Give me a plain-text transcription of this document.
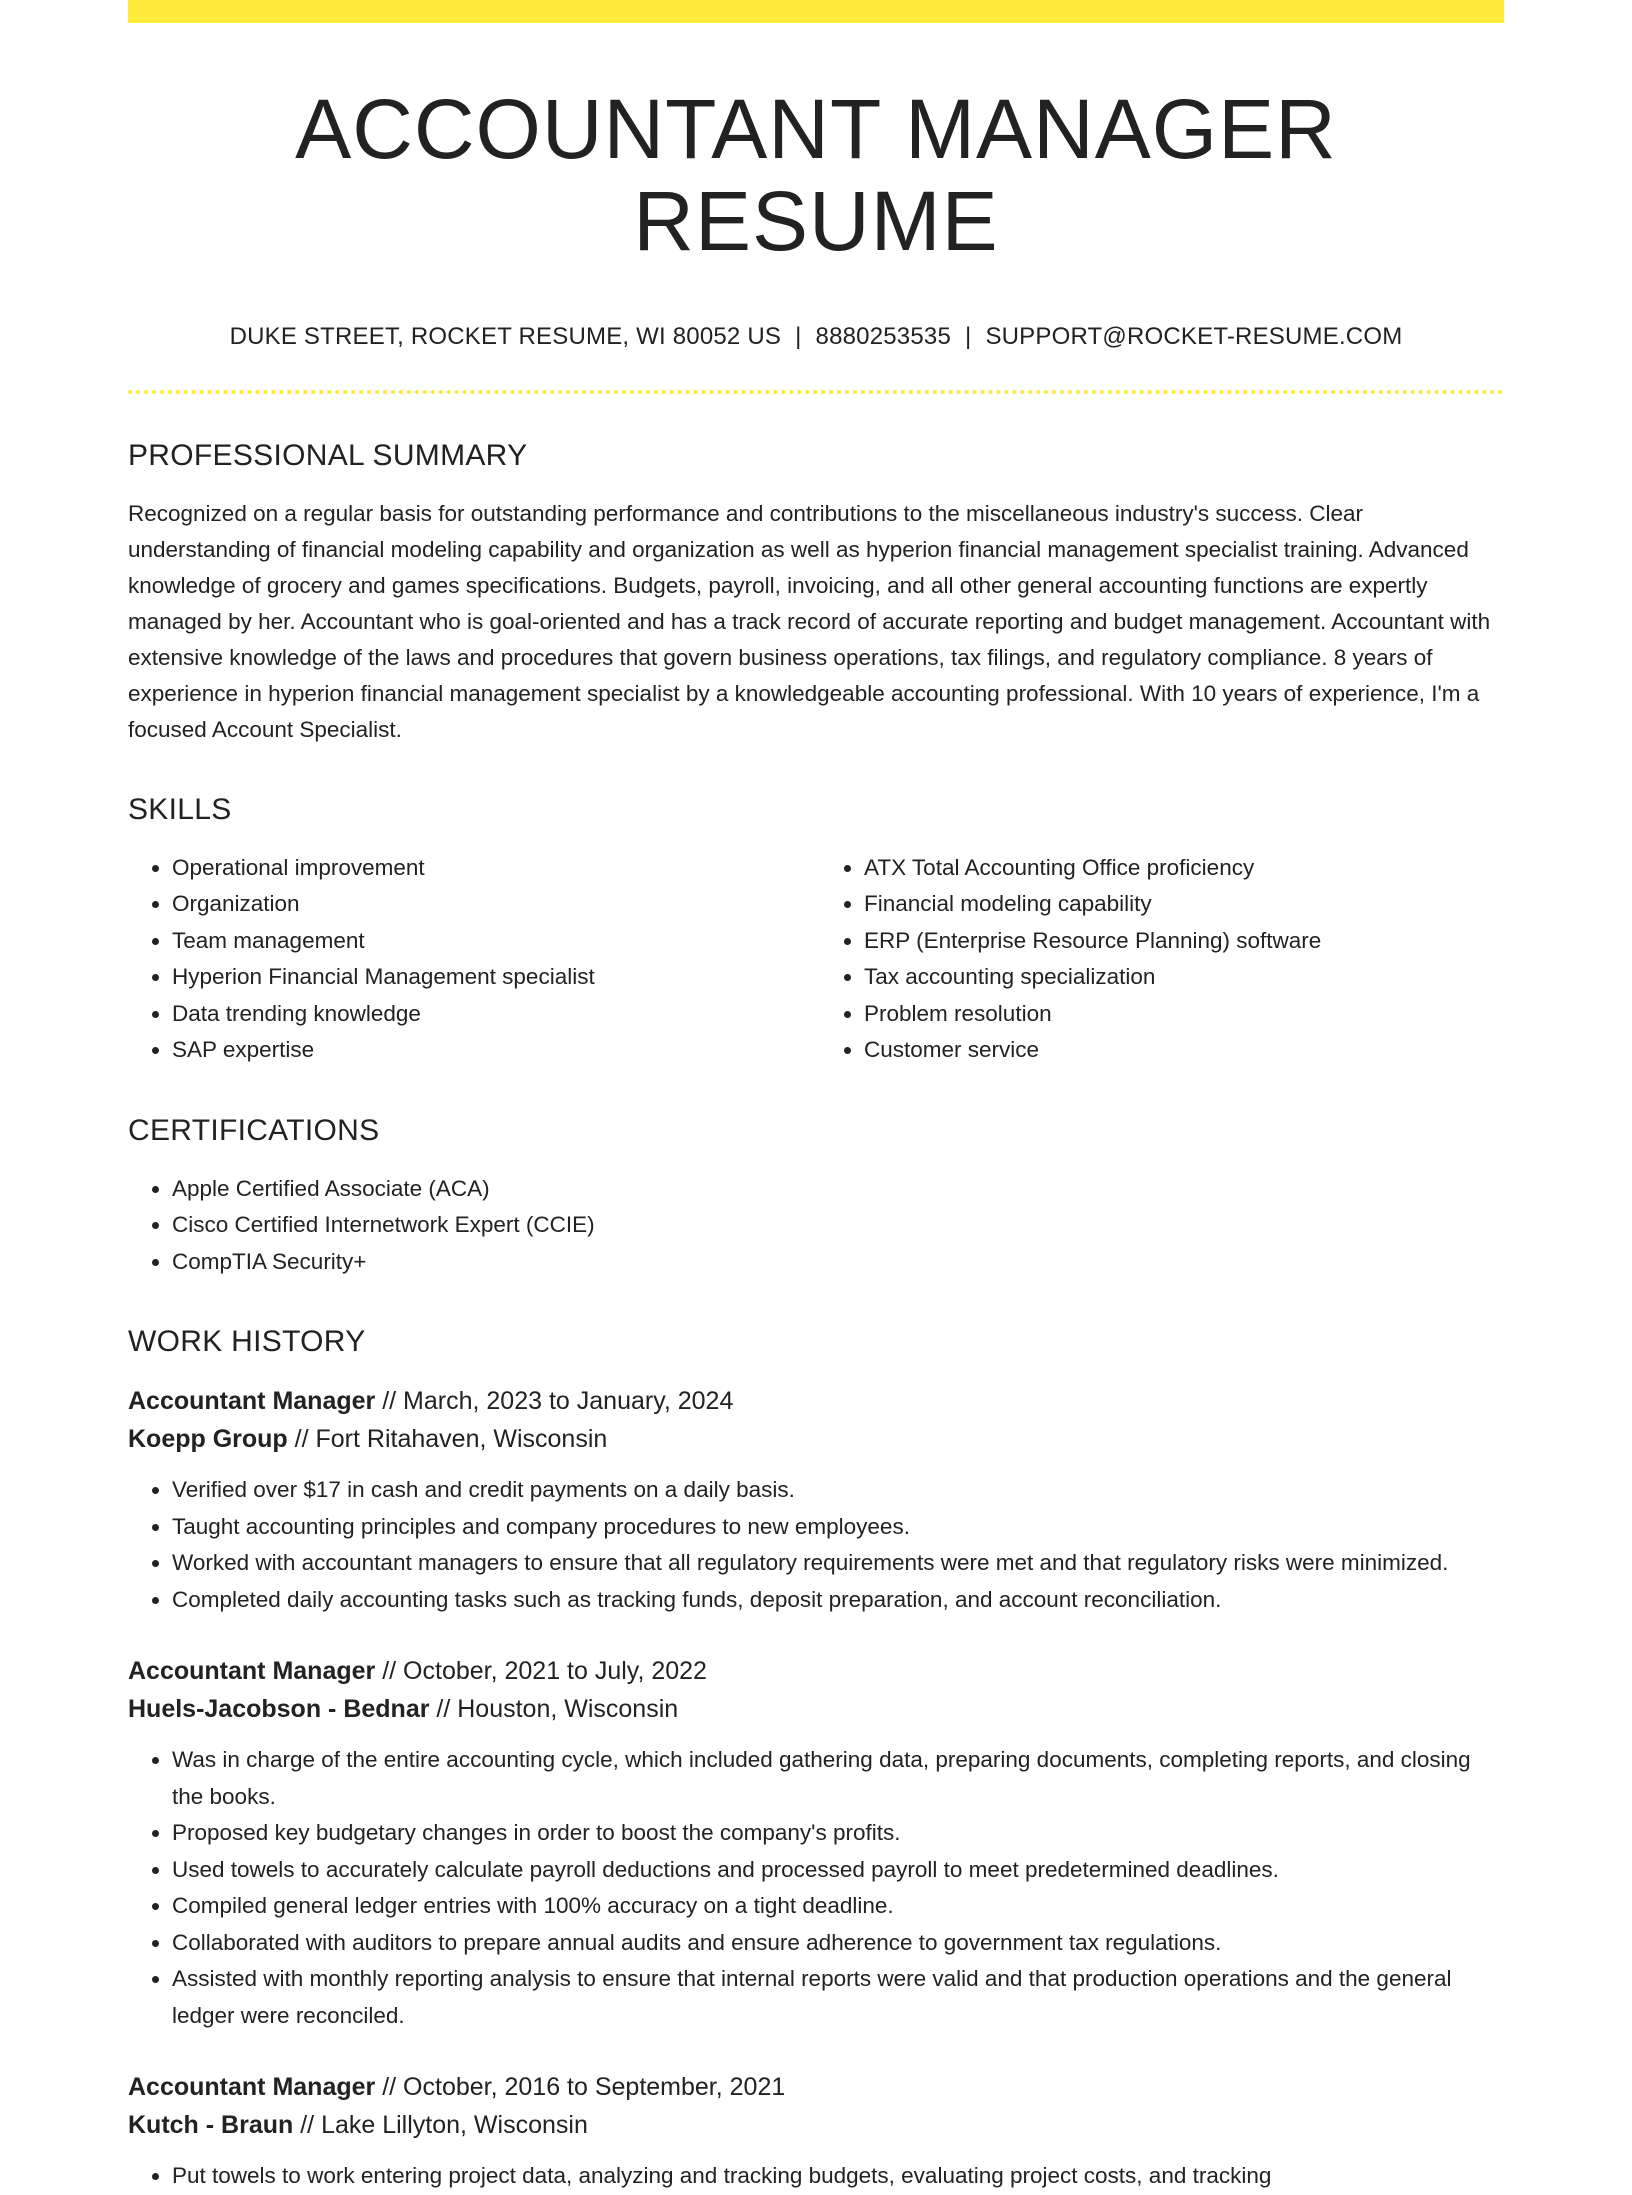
ACCOUNTANT MANAGER RESUME
DUKE STREET, ROCKET RESUME, WI 80052 US | 8880253535 | SUPPORT@ROCKET-RESUME.COM
PROFESSIONAL SUMMARY
Recognized on a regular basis for outstanding performance and contributions to the miscellaneous industry's success. Clear understanding of financial modeling capability and organization as well as hyperion financial management specialist training. Advanced knowledge of grocery and games specifications. Budgets, payroll, invoicing, and all other general accounting functions are expertly managed by her. Accountant who is goal-oriented and has a track record of accurate reporting and budget management. Accountant with extensive knowledge of the laws and procedures that govern business operations, tax filings, and regulatory compliance. 8 years of experience in hyperion financial management specialist by a knowledgeable accounting professional. With 10 years of experience, I'm a focused Account Specialist.
SKILLS
• Operational improvement
• Organization
• Team management
• Hyperion Financial Management specialist
• Data trending knowledge
• SAP expertise
• ATX Total Accounting Office proficiency
• Financial modeling capability
• ERP (Enterprise Resource Planning) software
• Tax accounting specialization
• Problem resolution
• Customer service
CERTIFICATIONS
• Apple Certified Associate (ACA)
• Cisco Certified Internetwork Expert (CCIE)
• CompTIA Security+
WORK HISTORY
Accountant Manager // March, 2023 to January, 2024
Koepp Group // Fort Ritahaven, Wisconsin
• Verified over $17 in cash and credit payments on a daily basis.
• Taught accounting principles and company procedures to new employees.
• Worked with accountant managers to ensure that all regulatory requirements were met and that regulatory risks were minimized.
• Completed daily accounting tasks such as tracking funds, deposit preparation, and account reconciliation.
Accountant Manager // October, 2021 to July, 2022
Huels-Jacobson - Bednar // Houston, Wisconsin
• Was in charge of the entire accounting cycle, which included gathering data, preparing documents, completing reports, and closing the books.
• Proposed key budgetary changes in order to boost the company's profits.
• Used towels to accurately calculate payroll deductions and processed payroll to meet predetermined deadlines.
• Compiled general ledger entries with 100% accuracy on a tight deadline.
• Collaborated with auditors to prepare annual audits and ensure adherence to government tax regulations.
• Assisted with monthly reporting analysis to ensure that internal reports were valid and that production operations and the general ledger were reconciled.
Accountant Manager // October, 2016 to September, 2021
Kutch - Braun // Lake Lillyton, Wisconsin
• Put towels to work entering project data, analyzing and tracking budgets, evaluating project costs, and tracking
